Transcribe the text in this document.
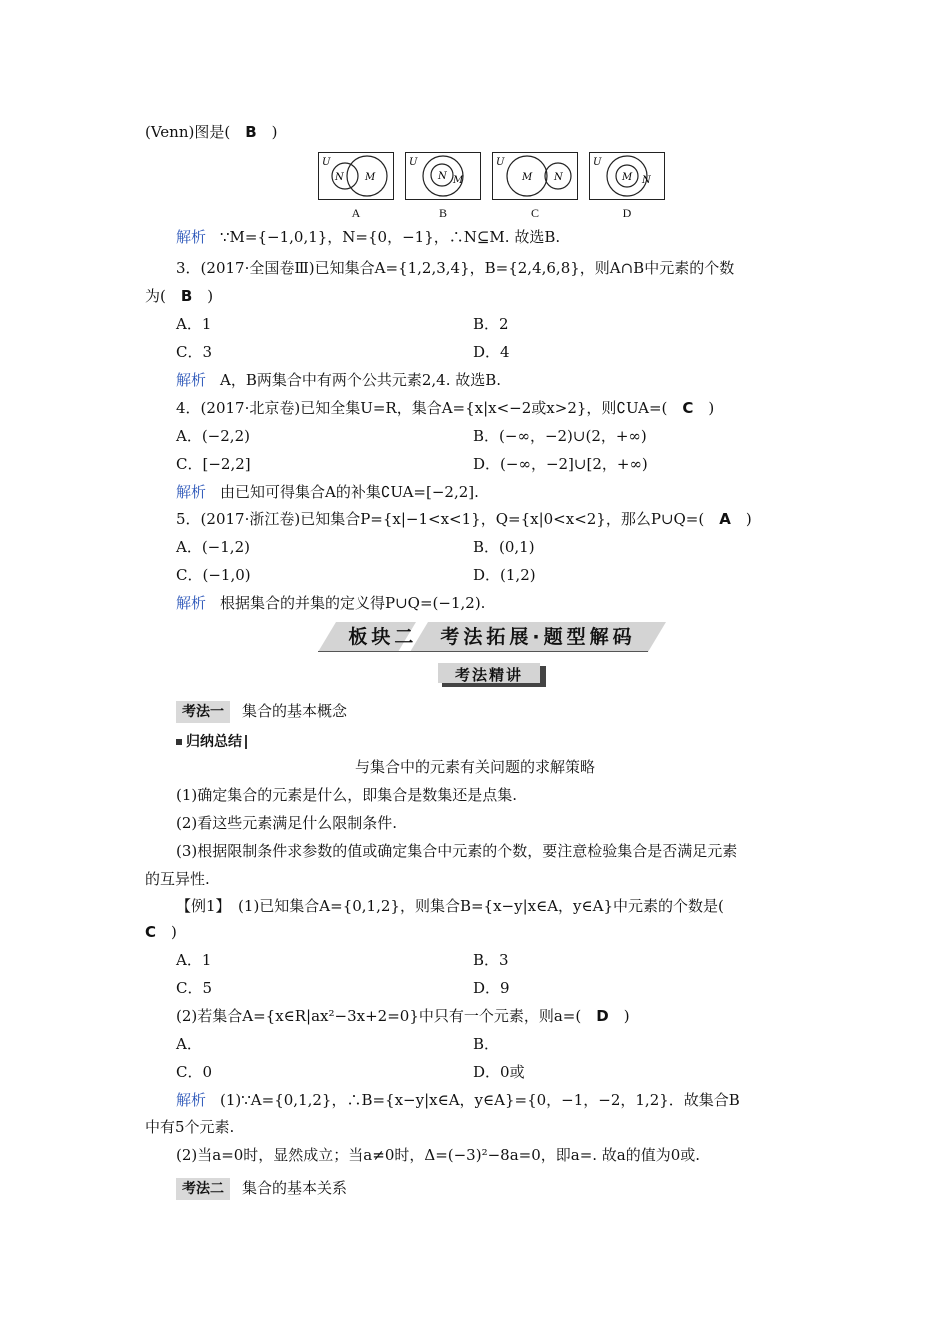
(Venn)图是(　B　)
U
N M
A
U
N M
B
U
M N
C
U
M N
D
解析 ∵M={−1,0,1}，N={0，−1}，∴N⊆M. 故选B.
3．(2017·全国卷Ⅲ)已知集合A={1,2,3,4}，B={2,4,6,8}，则A∩B中元素的个数
为(　B　)
A．1	B．2
C．3	D．4
解析 A，B两集合中有两个公共元素2,4. 故选B.
4．(2017·北京卷)已知全集U=R，集合A={x|x<−2或x>2}，则∁UA=(　C　)
A．(−2,2)	B．(−∞，−2)∪(2，+∞)
C．[−2,2]	D．(−∞，−2]∪[2，+∞)
解析 由已知可得集合A的补集∁UA=[−2,2].
5．(2017·浙江卷)已知集合P={x|−1<x<1}，Q={x|0<x<2}，那么P∪Q=(　A　)
A．(−1,2)	B．(0,1)
C．(−1,0)	D．(1,2)
解析 根据集合的并集的定义得P∪Q=(−1,2).
板块二　考法拓展·题型解码
考法精讲
考法一 集合的基本概念
归纳总结
与集合中的元素有关问题的求解策略
(1)确定集合的元素是什么，即集合是数集还是点集.
(2)看这些元素满足什么限制条件.
(3)根据限制条件求参数的值或确定集合中元素的个数，要注意检验集合是否满足元素
的互异性.
【例1】　(1)已知集合A={0,1,2}，则集合B={x−y|x∈A，y∈A}中元素的个数是(
C　)
A．1	B．3
C．5	D．9
(2)若集合A={x∈R|ax²−3x+2=0}中只有一个元素，则a=(　D　)
A．	B．
C．0	D．0或
解析 (1)∵A={0,1,2}，∴B={x−y|x∈A，y∈A}={0，−1，−2，1,2}．故集合B
中有5个元素.
(2)当a=0时，显然成立；当a≠0时，Δ=(−3)²−8a=0，即a=. 故a的值为0或.
考法二 集合的基本关系
